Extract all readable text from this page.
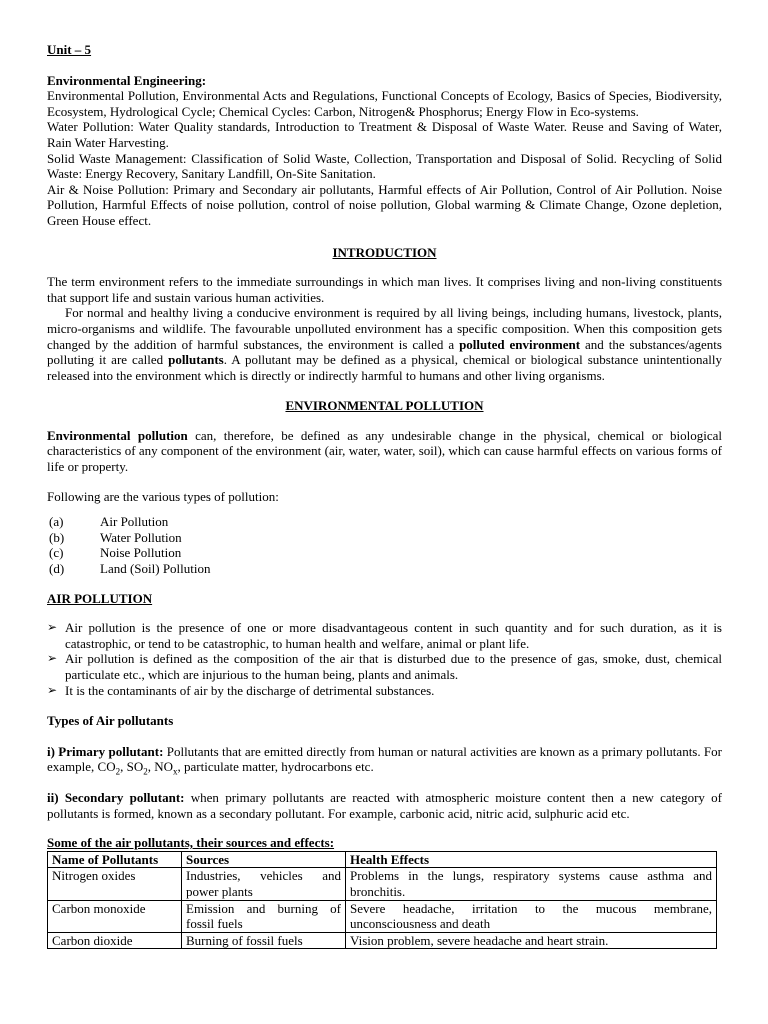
Unit – 5
Environmental Engineering:

Environmental Pollution, Environmental Acts and Regulations, Functional Concepts of Ecology, Basics of Species, Biodiversity, Ecosystem, Hydrological Cycle; Chemical Cycles: Carbon, Nitrogen& Phosphorus; Energy Flow in Eco-systems.

Water Pollution: Water Quality standards, Introduction to Treatment & Disposal of Waste Water. Reuse and Saving of Water, Rain Water Harvesting.

Solid Waste Management: Classification of Solid Waste, Collection, Transportation and Disposal of Solid. Recycling of Solid Waste: Energy Recovery, Sanitary Landfill, On-Site Sanitation.

Air & Noise Pollution: Primary and Secondary air pollutants, Harmful effects of Air Pollution, Control of Air Pollution. Noise Pollution, Harmful Effects of noise pollution, control of noise pollution, Global warming & Climate Change, Ozone depletion, Green House effect.

INTRODUCTION

The term environment refers to the immediate surroundings in which man lives. It comprises living and non-living constituents that support life and sustain various human activities.

For normal and healthy living a conducive environment is required by all living beings, including humans, livestock, plants, micro-organisms and wildlife. The favourable unpolluted environment has a specific composition. When this composition gets changed by the addition of harmful substances, the environment is called a polluted environment and the substances/agents polluting it are called pollutants. A pollutant may be defined as a physical, chemical or biological substance unintentionally released into the environment which is directly or indirectly harmful to humans and other living organisms.

ENVIRONMENTAL POLLUTION

Environmental pollution can, therefore, be defined as any undesirable change in the physical, chemical or biological characteristics of any component of the environment (air, water, water, soil), which can cause harmful effects on various forms of life or property.

Following are the various types of pollution:

(a)	Air Pollution
(b)	Water Pollution
(c)	Noise Pollution
(d)	Land (Soil) Pollution
AIR POLLUTION
➢ Air pollution is the presence of one or more disadvantageous content in such quantity and for such duration, as it is catastrophic, or tend to be catastrophic, to human health and welfare, animal or plant life.
➢ Air pollution is defined as the composition of the air that is disturbed due to the presence of gas, smoke, dust, chemical particulate etc., which are injurious to the human being, plants and animals.
➢ It is the contaminants of air by the discharge of detrimental substances.
Types of Air pollutants

i) Primary pollutant: Pollutants that are emitted directly from human or natural activities are known as a primary pollutants. For example, $CO_2$, $SO_2$, $NO_x$, particulate matter, hydrocarbons etc.

ii) Secondary pollutant: when primary pollutants are reacted with atmospheric moisture content then a new category of pollutants is formed, known as a secondary pollutant. For example, carbonic acid, nitric acid, sulphuric acid etc.

Some of the air pollutants, their sources and effects:
Name of Pollutants	Sources	Health Effects
Nitrogen oxides	Industries, vehicles and power plants	Problems in the lungs, respiratory systems cause asthma and bronchitis.
Carbon monoxide	Emission and burning of fossil fuels	Severe headache, irritation to the mucous membrane, unconsciousness and death
Carbon dioxide	Burning of fossil fuels	Vision problem, severe headache and heart strain.
